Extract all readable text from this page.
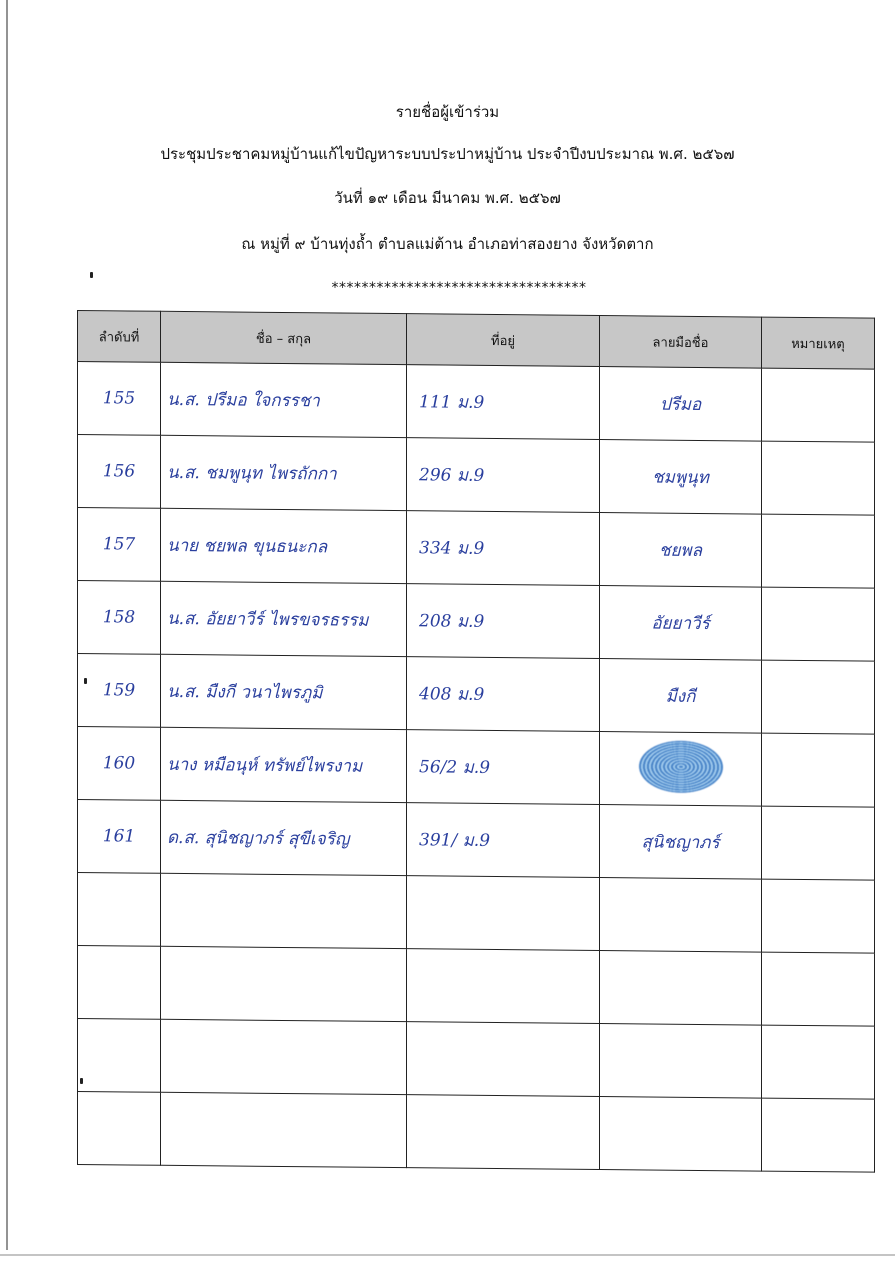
รายชื่อผู้เข้าร่วม
ประชุมประชาคมหมู่บ้านแก้ไขปัญหาระบบประปาหมู่บ้าน ประจำปีงบประมาณ พ.ศ. ๒๕๖๗
วันที่ ๑๙ เดือน มีนาคม พ.ศ. ๒๕๖๗
ณ หมู่ที่ ๙ บ้านทุ่งถ้ำ ตำบลแม่ต้าน อำเภอท่าสองยาง จังหวัดตาก
**********************************
ลำดับที่	ชื่อ – สกุล	ที่อยู่	ลายมือชื่อ	หมายเหตุ
155	น.ส. ปรีมอ ใจกรรชา	111 ม.9	ปรีมอ	
156	น.ส. ชมพูนุท ไพรถักกา	296 ม.9	ชมพูนุท	
157	นาย ชยพล ขุนธนะกล	334 ม.9	ชยพล	
158	น.ส. อัยยาวีร์ ไพรขจรธรรม	208 ม.9	อัยยาวีร์	
159	น.ส. มืงกี วนาไพรภูมิ	408 ม.9	มืงกี	
160	นาง หมือนุห์ ทรัพย์ไพรงาม	56/2 ม.9		
161	ด.ส. สุนิชญาภร์ สุขีเจริญ	391/ ม.9	สุนิชญาภร์	
